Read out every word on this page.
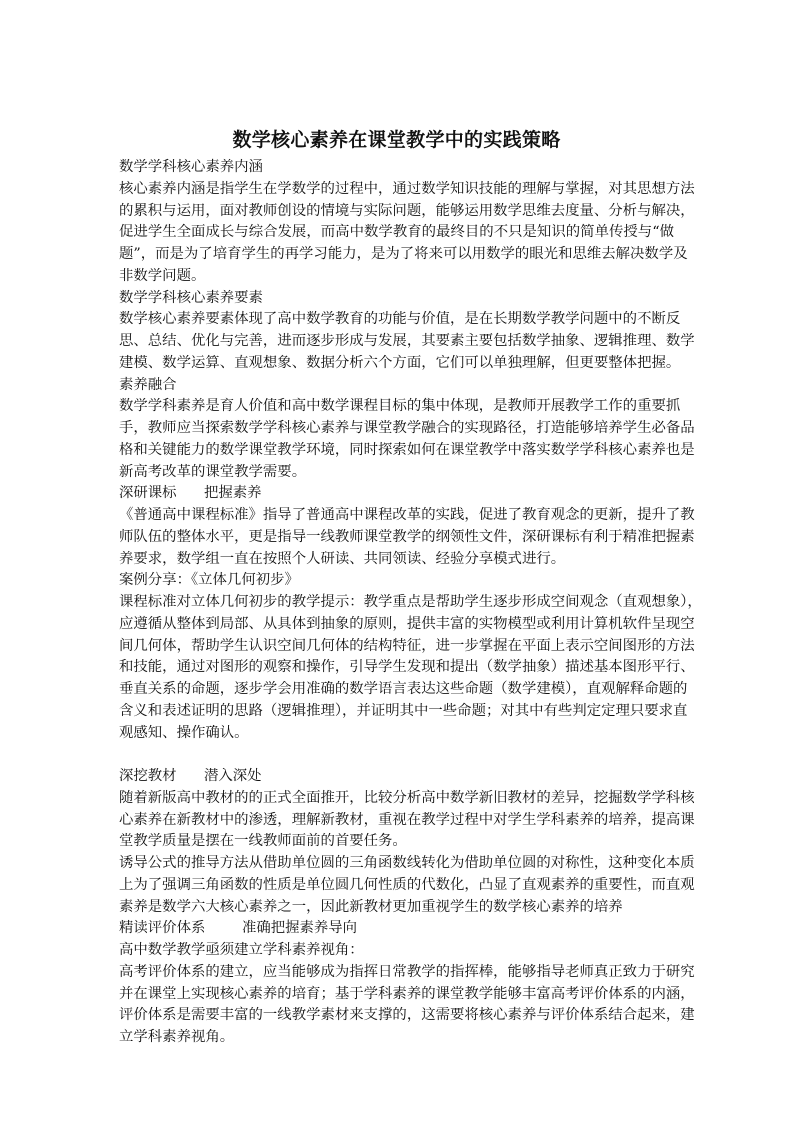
数学核心素养在课堂教学中的实践策略
数学学科核心素养内涵
核心素养内涵是指学生在学数学的过程中，通过数学知识技能的理解与掌握，对其思想方法
的累积与运用，面对教师创设的情境与实际问题，能够运用数学思维去度量、分析与解决，
促进学生全面成长与综合发展，而高中数学教育的最终目的不只是知识的简单传授与“做
题”，而是为了培育学生的再学习能力，是为了将来可以用数学的眼光和思维去解决数学及
非数学问题。
数学学科核心素养要素
数学核心素养要素体现了高中数学教育的功能与价值，是在长期数学教学问题中的不断反
思、总结、优化与完善，进而逐步形成与发展，其要素主要包括数学抽象、逻辑推理、数学
建模、数学运算、直观想象、数据分析六个方面，它们可以单独理解，但更要整体把握。
素养融合
数学学科素养是育人价值和高中数学课程目标的集中体现，是教师开展教学工作的重要抓
手，教师应当探索数学学科核心素养与课堂教学融合的实现路径，打造能够培养学生必备品
格和关键能力的数学课堂教学环境，同时探索如何在课堂教学中落实数学学科核心素养也是
新高考改革的课堂教学需要。
深研课标      把握素养
《普通高中课程标准》指导了普通高中课程改革的实践，促进了教育观念的更新，提升了教
师队伍的整体水平，更是指导一线教师课堂教学的纲领性文件，深研课标有利于精准把握素
养要求，数学组一直在按照个人研读、共同领读、经验分享模式进行。
案例分享：《立体几何初步》
课程标准对立体几何初步的教学提示：教学重点是帮助学生逐步形成空间观念（直观想象），
应遵循从整体到局部、从具体到抽象的原则，提供丰富的实物模型或利用计算机软件呈现空
间几何体，帮助学生认识空间几何体的结构特征，进一步掌握在平面上表示空间图形的方法
和技能，通过对图形的观察和操作，引导学生发现和提出（数学抽象）描述基本图形平行、
垂直关系的命题，逐步学会用准确的数学语言表达这些命题（数学建模），直观解释命题的
含义和表述证明的思路（逻辑推理），并证明其中一些命题；对其中有些判定定理只要求直
观感知、操作确认。
深挖教材      潜入深处
随着新版高中教材的的正式全面推开，比较分析高中数学新旧教材的差异，挖掘数学学科核
心素养在新教材中的渗透，理解新教材，重视在教学过程中对学生学科素养的培养，提高课
堂教学质量是摆在一线教师面前的首要任务。
诱导公式的推导方法从借助单位圆的三角函数线转化为借助单位圆的对称性，这种变化本质
上为了强调三角函数的性质是单位圆几何性质的代数化，凸显了直观素养的重要性，而直观
素养是数学六大核心素养之一，因此新教材更加重视学生的数学核心素养的培养
精读评价体系        准确把握素养导向
高中数学教学亟须建立学科素养视角：
高考评价体系的建立，应当能够成为指挥日常教学的指挥棒，能够指导老师真正致力于研究
并在课堂上实现核心素养的培育；基于学科素养的课堂教学能够丰富高考评价体系的内涵，
评价体系是需要丰富的一线教学素材来支撑的，这需要将核心素养与评价体系结合起来，建
立学科素养视角。
